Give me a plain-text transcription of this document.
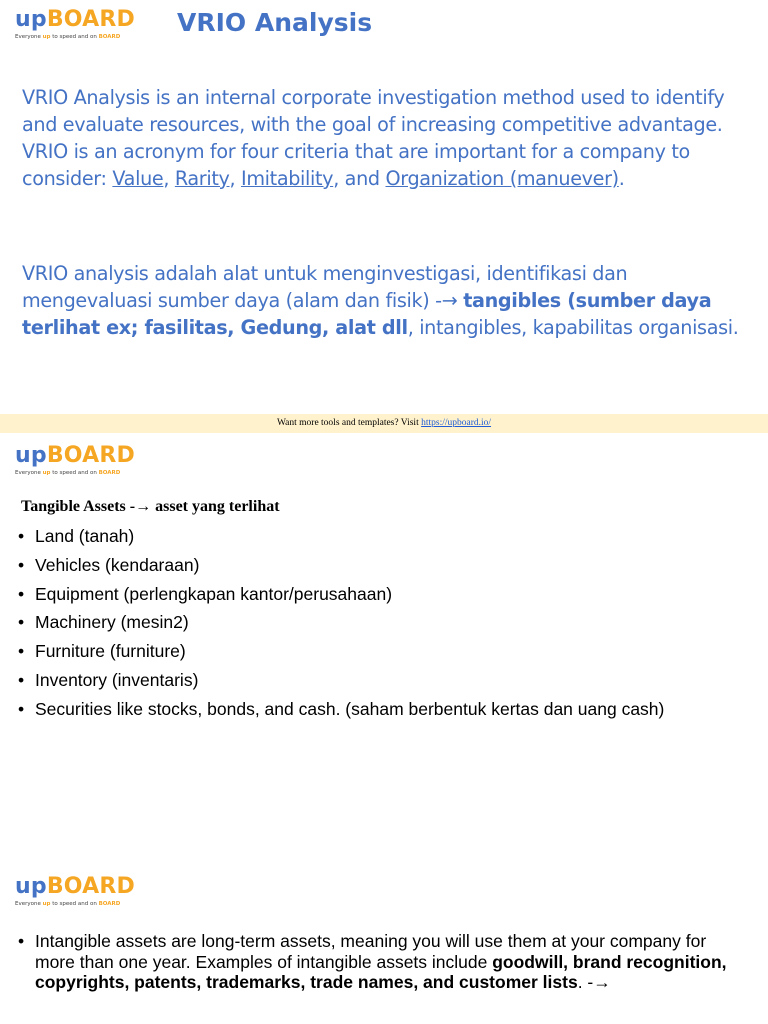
upBOARD
Everyone up to speed and on BOARD	VRIO Analysis
VRIO Analysis is an internal corporate investigation method used to identify and evaluate resources, with the goal of increasing competitive advantage. VRIO is an acronym for four criteria that are important for a company to consider: Value, Rarity, Imitability, and Organization (manuever).
VRIO analysis adalah alat untuk menginvestigasi, identifikasi dan mengevaluasi sumber daya (alam dan fisik) -→ tangibles (sumber daya terlihat ex; fasilitas, Gedung, alat dll, intangibles, kapabilitas organisasi.
Want more tools and templates? Visit https://upboard.io/
upBOARD
Everyone up to speed and on BOARD
Tangible Assets -→ asset yang terlihat
• Land (tanah)
• Vehicles (kendaraan)
• Equipment (perlengkapan kantor/perusahaan)
• Machinery (mesin2)
• Furniture (furniture)
• Inventory (inventaris)
• Securities like stocks, bonds, and cash. (saham berbentuk kertas dan uang cash)
upBOARD
Everyone up to speed and on BOARD
• Intangible assets are long-term assets, meaning you will use them at your company for more than one year. Examples of intangible assets include goodwill, brand recognition, copyrights, patents, trademarks, trade names, and customer lists. -→
